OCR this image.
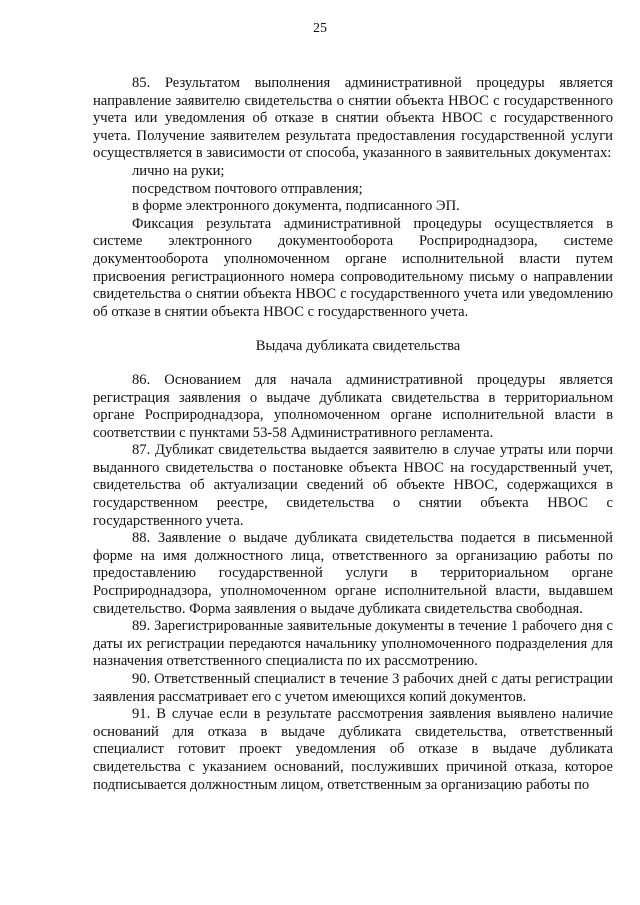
25

85. Результатом выполнения административной процедуры является направление заявителю свидетельства о снятии объекта НВОС с государственного учета или уведомления об отказе в снятии объекта НВОС с государственного учета. Получение заявителем результата предоставления государственной услуги осуществляется в зависимости от способа, указанного в заявительных документах:

лично на руки;

посредством почтового отправления;

в форме электронного документа, подписанного ЭП.

Фиксация результата административной процедуры осуществляется в системе электронного документооборота Росприроднадзора, системе документооборота уполномоченном органе исполнительной власти путем присвоения регистрационного номера сопроводительному письму о направлении свидетельства о снятии объекта НВОС с государственного учета или уведомлению об отказе в снятии объекта НВОС с государственного учета.

Выдача дубликата свидетельства

86. Основанием для начала административной процедуры является регистрация заявления о выдаче дубликата свидетельства в территориальном органе Росприроднадзора, уполномоченном органе исполнительной власти в соответствии с пунктами 53-58 Административного регламента.

87. Дубликат свидетельства выдается заявителю в случае утраты или порчи выданного свидетельства о постановке объекта НВОС на государственный учет, свидетельства об актуализации сведений об объекте НВОС, содержащихся в государственном реестре, свидетельства о снятии объекта НВОС с государственного учета.

88. Заявление о выдаче дубликата свидетельства подается в письменной форме на имя должностного лица, ответственного за организацию работы по предоставлению государственной услуги в территориальном органе Росприроднадзора, уполномоченном органе исполнительной власти, выдавшем свидетельство. Форма заявления о выдаче дубликата свидетельства свободная.

89. Зарегистрированные заявительные документы в течение 1 рабочего дня с даты их регистрации передаются начальнику уполномоченного подразделения для назначения ответственного специалиста по их рассмотрению.

90. Ответственный специалист в течение 3 рабочих дней с даты регистрации заявления рассматривает его с учетом имеющихся копий документов.

91. В случае если в результате рассмотрения заявления выявлено наличие оснований для отказа в выдаче дубликата свидетельства, ответственный специалист готовит проект уведомления об отказе в выдаче дубликата свидетельства с указанием оснований, послуживших причиной отказа, которое подписывается должностным лицом, ответственным за организацию работы по
